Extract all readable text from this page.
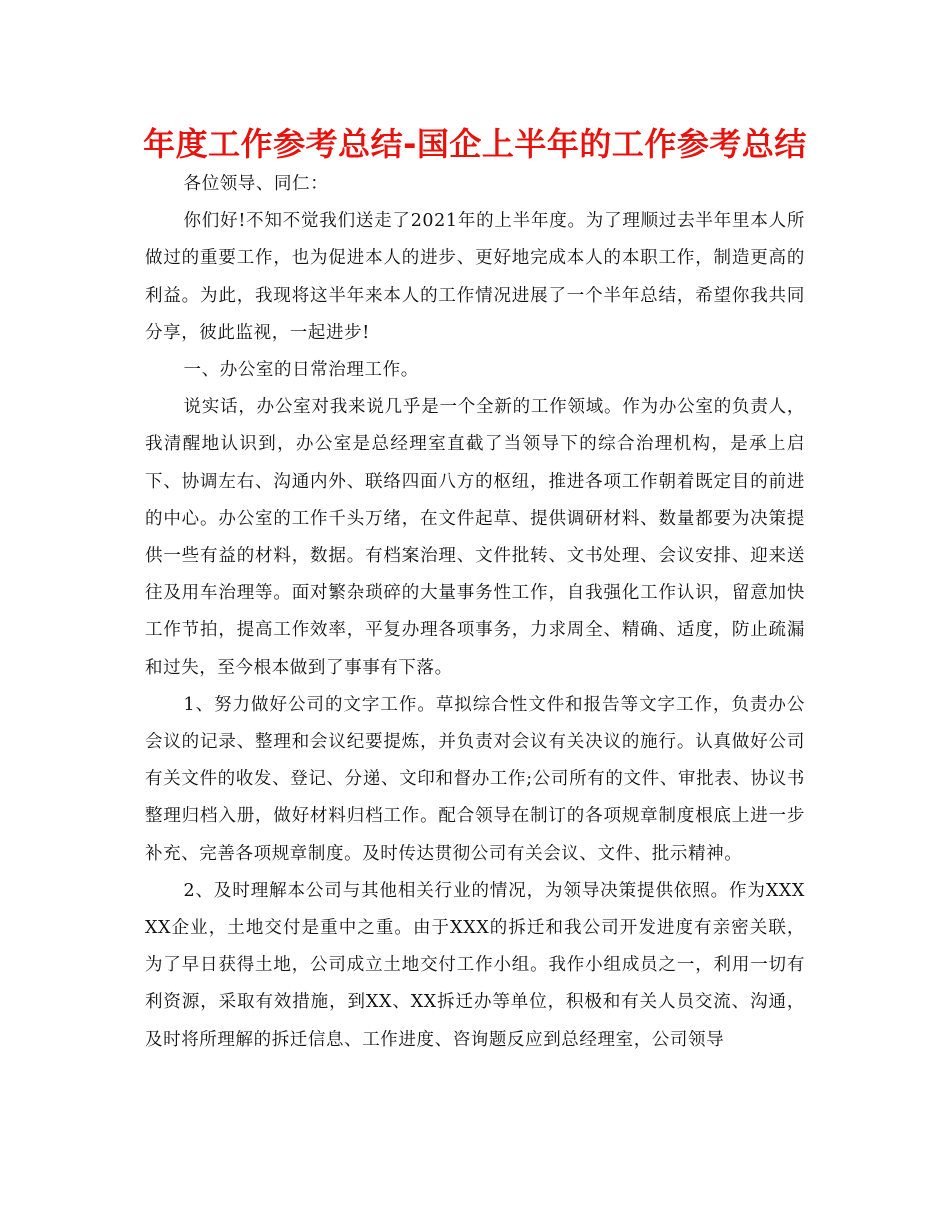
年度工作参考总结-国企上半年的工作参考总结

各位领导、同仁：

你们好!不知不觉我们送走了2021年的上半年度。为了理顺过去半年里本人所做过的重要工作，也为促进本人的进步、更好地完成本人的本职工作，制造更高的利益。为此，我现将这半年来本人的工作情况进展了一个半年总结，希望你我共同分享，彼此监视，一起进步!

一、办公室的日常治理工作。

说实话，办公室对我来说几乎是一个全新的工作领域。作为办公室的负责人，我清醒地认识到，办公室是总经理室直截了当领导下的综合治理机构，是承上启下、协调左右、沟通内外、联络四面八方的枢纽，推进各项工作朝着既定目的前进的中心。办公室的工作千头万绪，在文件起草、提供调研材料、数量都要为决策提供一些有益的材料，数据。有档案治理、文件批转、文书处理、会议安排、迎来送往及用车治理等。面对繁杂琐碎的大量事务性工作，自我强化工作认识，留意加快工作节拍，提高工作效率，平复办理各项事务，力求周全、精确、适度，防止疏漏和过失，至今根本做到了事事有下落。

1、努力做好公司的文字工作。草拟综合性文件和报告等文字工作，负责办公会议的记录、整理和会议纪要提炼，并负责对会议有关决议的施行。认真做好公司有关文件的收发、登记、分递、文印和督办工作;公司所有的文件、审批表、协议书整理归档入册，做好材料归档工作。配合领导在制订的各项规章制度根底上进一步补充、完善各项规章制度。及时传达贯彻公司有关会议、文件、批示精神。

2、及时理解本公司与其他相关行业的情况，为领导决策提供依照。作为XXXXX企业，土地交付是重中之重。由于XXX的拆迁和我公司开发进度有亲密关联，为了早日获得土地，公司成立土地交付工作小组。我作小组成员之一，利用一切有利资源，采取有效措施，到XX、XX拆迁办等单位，积极和有关人员交流、沟通，及时将所理解的拆迁信息、工作进度、咨询题反应到总经理室，公司领导
